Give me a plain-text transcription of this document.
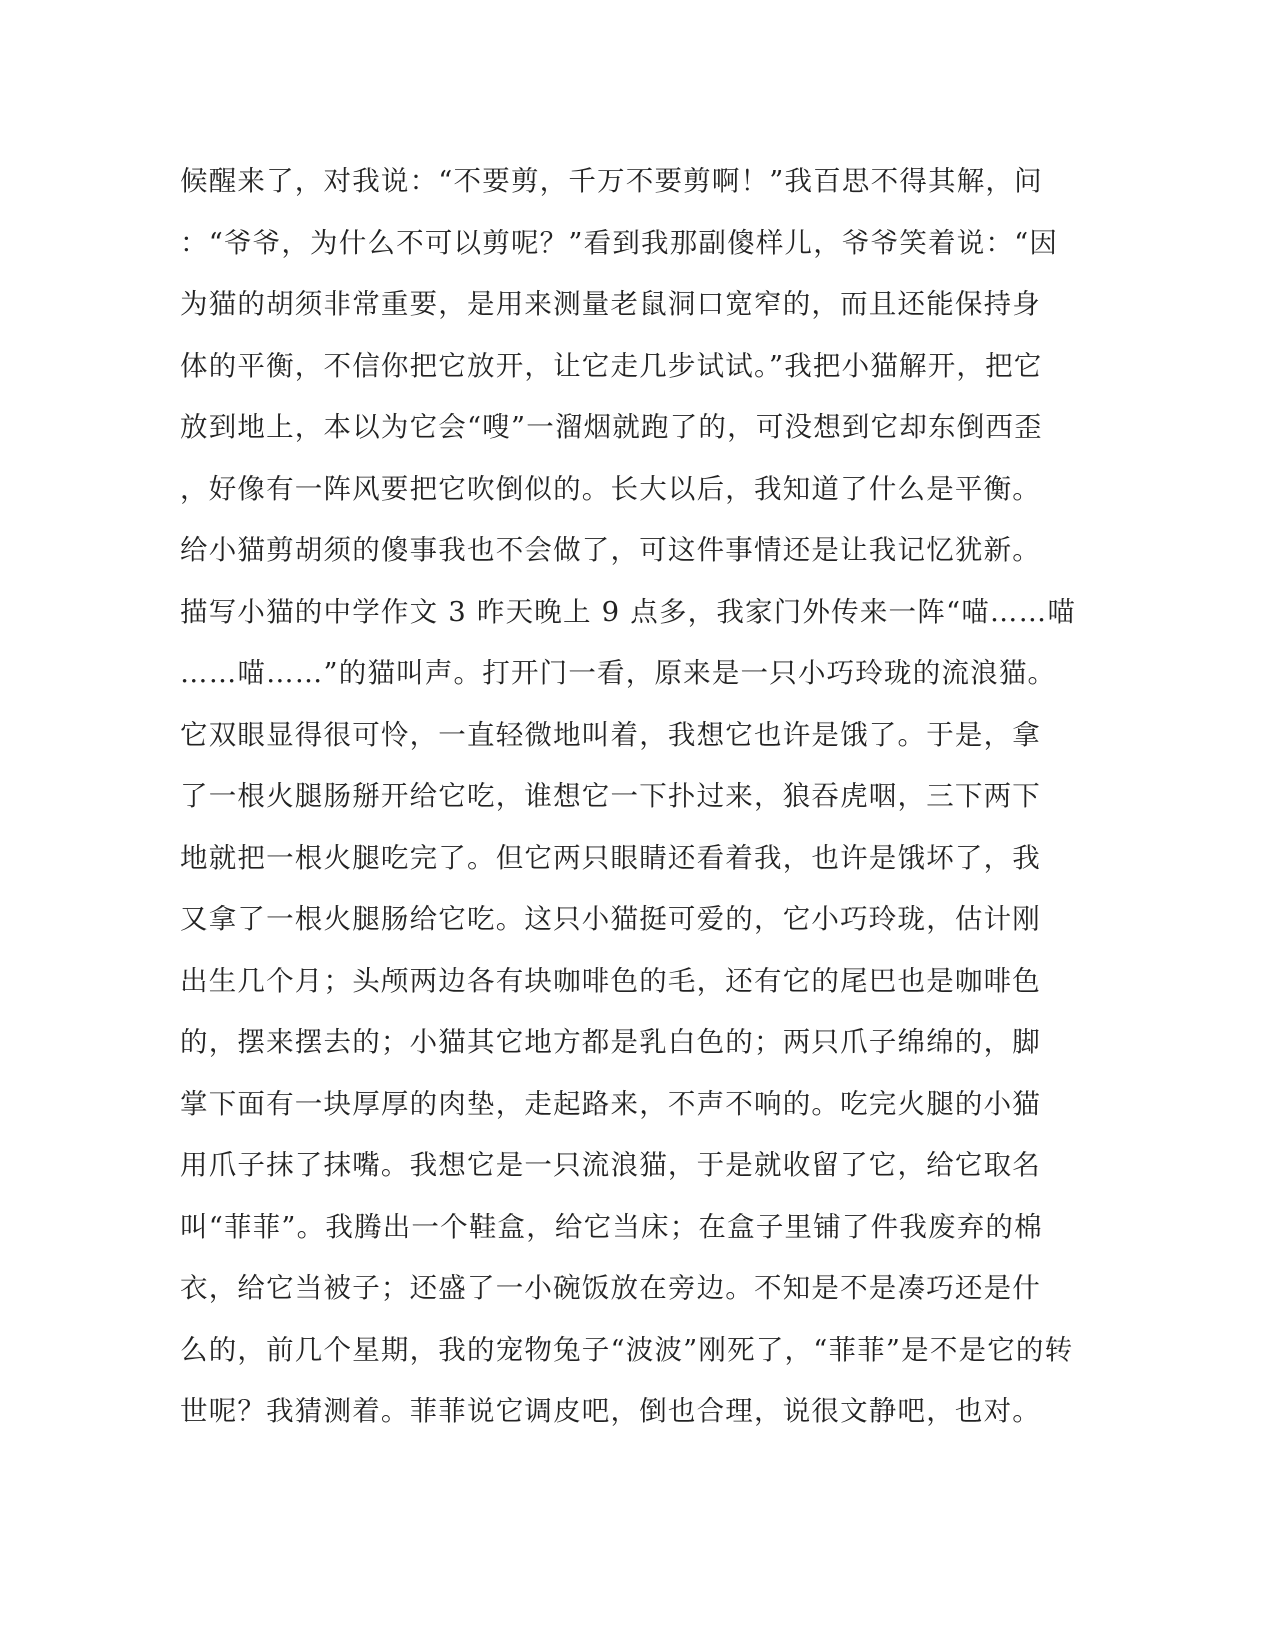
候醒来了，对我说：“不要剪，千万不要剪啊！”我百思不得其解，问
：“爷爷，为什么不可以剪呢？”看到我那副傻样儿，爷爷笑着说：“因
为猫的胡须非常重要，是用来测量老鼠洞口宽窄的，而且还能保持身
体的平衡，不信你把它放开，让它走几步试试。”我把小猫解开，把它
放到地上，本以为它会“嗖”一溜烟就跑了的，可没想到它却东倒西歪
，好像有一阵风要把它吹倒似的。长大以后，我知道了什么是平衡。
给小猫剪胡须的傻事我也不会做了，可这件事情还是让我记忆犹新。
描写小猫的中学作文 3 昨天晚上 9 点多，我家门外传来一阵“喵……喵
……喵……”的猫叫声。打开门一看，原来是一只小巧玲珑的流浪猫。
它双眼显得很可怜，一直轻微地叫着，我想它也许是饿了。于是，拿
了一根火腿肠掰开给它吃，谁想它一下扑过来，狼吞虎咽，三下两下
地就把一根火腿吃完了。但它两只眼睛还看着我，也许是饿坏了，我
又拿了一根火腿肠给它吃。这只小猫挺可爱的，它小巧玲珑，估计刚
出生几个月；头颅两边各有块咖啡色的毛，还有它的尾巴也是咖啡色
的，摆来摆去的；小猫其它地方都是乳白色的；两只爪子绵绵的，脚
掌下面有一块厚厚的肉垫，走起路来，不声不响的。吃完火腿的小猫
用爪子抹了抹嘴。我想它是一只流浪猫，于是就收留了它，给它取名
叫“菲菲”。我腾出一个鞋盒，给它当床；在盒子里铺了件我废弃的棉
衣，给它当被子；还盛了一小碗饭放在旁边。不知是不是凑巧还是什
么的，前几个星期，我的宠物兔子“波波”刚死了，“菲菲”是不是它的转
世呢？我猜测着。菲菲说它调皮吧，倒也合理，说很文静吧，也对。
